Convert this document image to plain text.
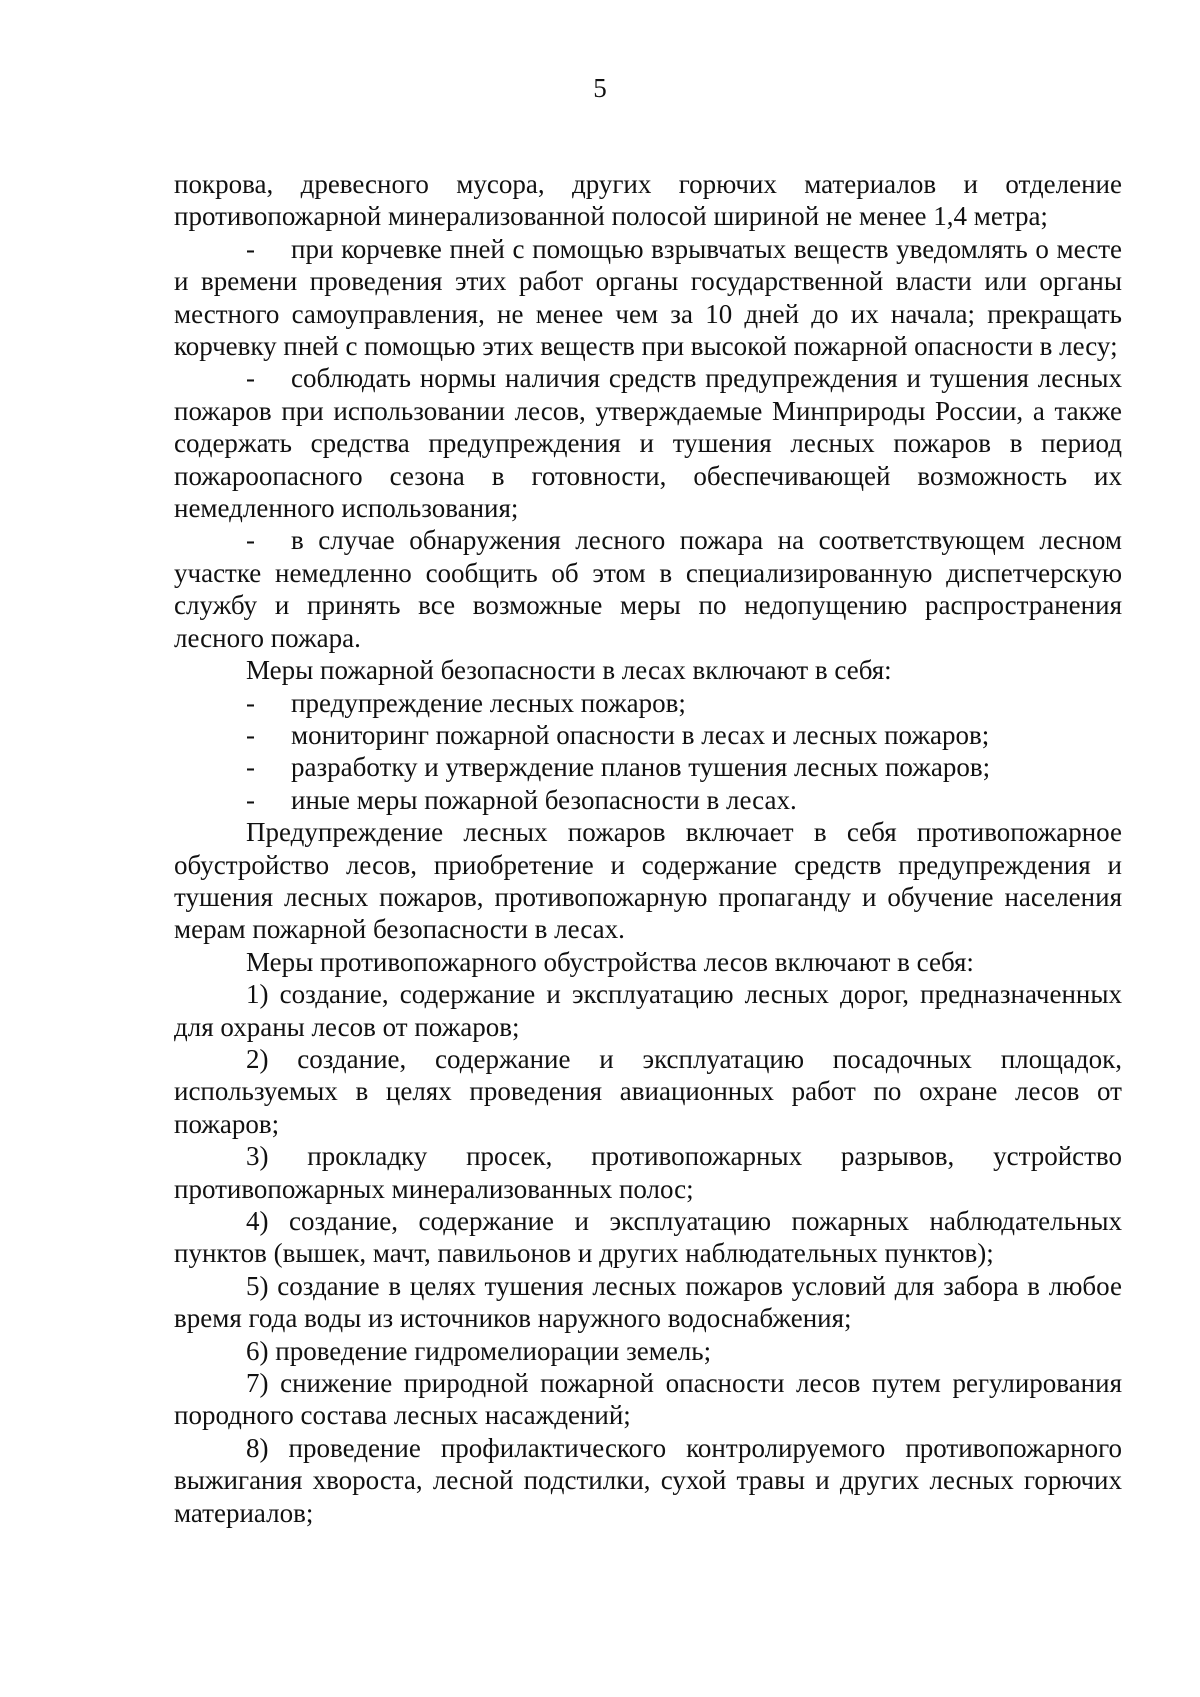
5

покрова, древесного мусора, других горючих материалов и отделение противопожарной минерализованной полосой шириной не менее 1,4 метра;

- при корчевке пней с помощью взрывчатых веществ уведомлять о месте и времени проведения этих работ органы государственной власти или органы местного самоуправления, не менее чем за 10 дней до их начала; прекращать корчевку пней с помощью этих веществ при высокой пожарной опасности в лесу;

- соблюдать нормы наличия средств предупреждения и тушения лесных пожаров при использовании лесов, утверждаемые Минприроды России, а также содержать средства предупреждения и тушения лесных пожаров в период пожароопасного сезона в готовности, обеспечивающей возможность их немедленного использования;

- в случае обнаружения лесного пожара на соответствующем лесном участке немедленно сообщить об этом в специализированную диспетчерскую службу и принять все возможные меры по недопущению распространения лесного пожара.

Меры пожарной безопасности в лесах включают в себя:

- предупреждение лесных пожаров;

- мониторинг пожарной опасности в лесах и лесных пожаров;

- разработку и утверждение планов тушения лесных пожаров;

- иные меры пожарной безопасности в лесах.

Предупреждение лесных пожаров включает в себя противопожарное обустройство лесов, приобретение и содержание средств предупреждения и тушения лесных пожаров, противопожарную пропаганду и обучение населения мерам пожарной безопасности в лесах.

Меры противопожарного обустройства лесов включают в себя:

1) создание, содержание и эксплуатацию лесных дорог, предназначенных для охраны лесов от пожаров;

2) создание, содержание и эксплуатацию посадочных площадок, используемых в целях проведения авиационных работ по охране лесов от пожаров;

3) прокладку просек, противопожарных разрывов, устройство противопожарных минерализованных полос;

4) создание, содержание и эксплуатацию пожарных наблюдательных пунктов (вышек, мачт, павильонов и других наблюдательных пунктов);

5) создание в целях тушения лесных пожаров условий для забора в любое время года воды из источников наружного водоснабжения;

6) проведение гидромелиорации земель;

7) снижение природной пожарной опасности лесов путем регулирования породного состава лесных насаждений;

8) проведение профилактического контролируемого противопожарного выжигания хвороста, лесной подстилки, сухой травы и других лесных горючих материалов;
